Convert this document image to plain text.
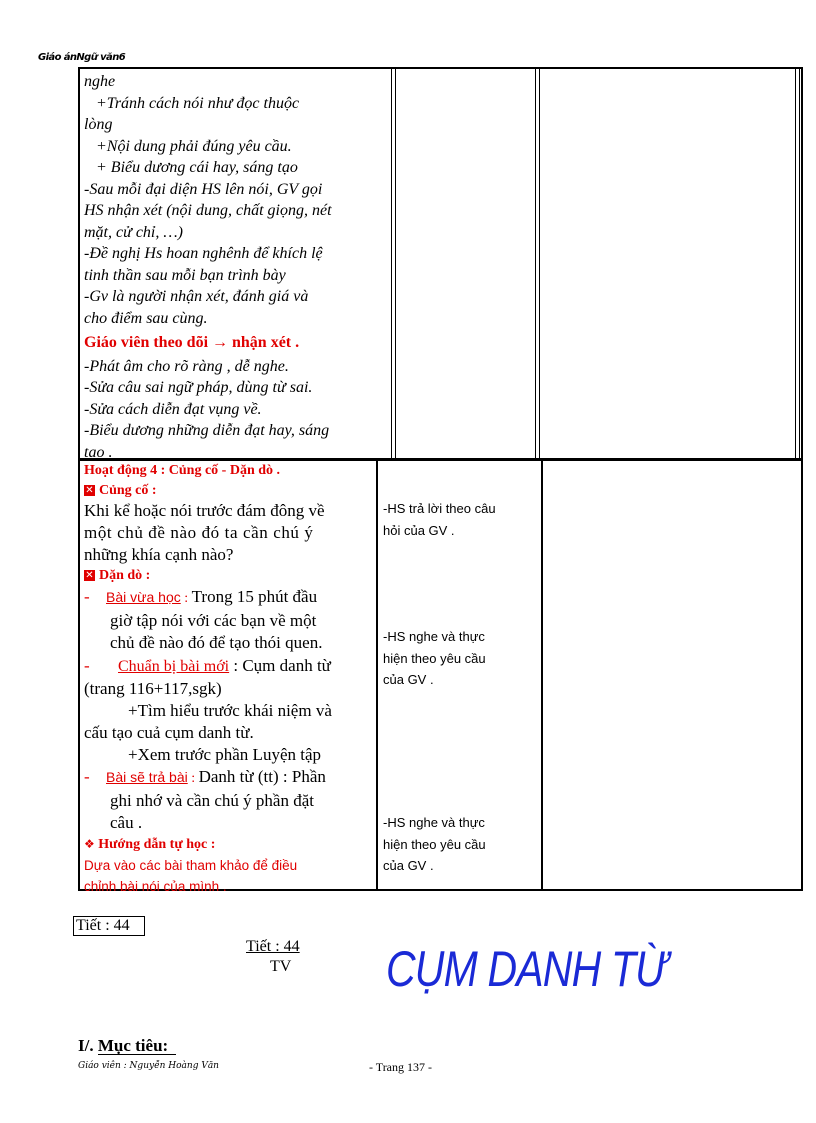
Giáo ánNgữ văn6
nghe
+Tránh cách nói như đọc thuộc
lòng
+Nội dung phải đúng yêu cầu.
+ Biểu dương cái hay, sáng tạo
-Sau mỗi đại diện HS lên nói, GV gọi
HS nhận xét (nội dung, chất giọng, nét
mặt, cử chỉ, …)
-Đề nghị Hs hoan nghênh để khích lệ
tinh thần sau mỗi bạn trình bày
-Gv là người nhận xét, đánh giá và
cho điểm sau cùng.
Giáo viên theo dõi → nhận xét .
-Phát âm cho rõ ràng , dễ nghe.
-Sửa câu sai ngữ pháp, dùng từ sai.
-Sửa cách diễn đạt vụng về.
-Biểu dương những diễn đạt hay, sáng
tạo .
Hoạt động 4 : Củng cố - Dặn dò .
✕ Củng cố :
Khi kể hoặc nói trước đám đông về
một chủ đề nào đó ta cần chú ý
những khía cạnh nào?
✕ Dặn dò :
- Bài vừa học : Trong 15 phút đầu
giờ tập nói với các bạn về một
chủ đề nào đó để tạo thói quen.
- Chuẩn bị bài mới : Cụm danh từ
(trang 116+117,sgk)
+Tìm hiểu trước khái niệm và
cấu tạo cuả cụm danh từ.
+Xem trước phần Luyện tập
- Bài sẽ trả bài : Danh từ (tt) : Phần
ghi nhớ và cần chú ý phần đặt
câu .
❖ Hướng dẫn tự học :
Dựa vào các bài tham khảo để điều
chỉnh bài nói của mình .
-HS trả lời theo câu
hỏi của GV .
-HS nghe và thực
hiện theo yêu cầu
của GV .
-HS nghe và thực
hiện theo yêu cầu
của GV .
Tiết : 44
Tiết : 44
TV CỤM DANH TỪ
I/. Mục tiêu:
Giáo viên : Nguyễn Hoàng Văn	- Trang 137 -
